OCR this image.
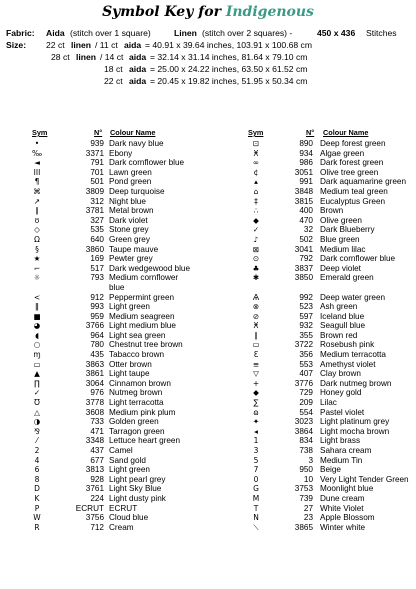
Symbol Key for Indigenous
Fabric: Aida (stitch over 1 square)	Linen (stitch over 2 squares) -	450 x 436 Stitches
Size: 22 ct linen / 11 ct aida = 40.91 x 39.64 inches, 103.91 x 100.68 cm
28 ct linen / 14 ct aida = 32.14 x 31.14 inches, 81.64 x 79.10 cm
18 ct aida = 25.00 x 24.22 inches, 63.50 x 61.52 cm
22 ct aida = 20.45 x 19.82 inches, 51.95 x 50.34 cm
Sym	N° Colour Name	Sym	N° Colour Name
•	939 Dark navy blue
‰	3371 Ebony
◄	791 Dark cornflower blue
III	701 Lawn green
¶	501 Pond green
⌘	3809 Deep turquoise
↗	312 Night blue
∥	3781 Metal brown
ʊ	327 Dark violet
◇	535 Stone grey
Ω	640 Green grey
§	3860 Taupe mauve
★	169 Pewter grey
⌐	517 Dark wedgewood blue
☼	793 Medium cornflower
blue
<	912 Peppermint green
ǁ	993 Light green
■	959 Medium seagreen
◕	3766 Light medium blue
◖	964 Light sea green
○	780 Chestnut tree brown
ɱ	435 Tabacco brown
▭	3863 Otter brown
▲	3861 Light taupe
∏	3064 Cinnamon brown
✓	976 Nutmeg brown
Ʊ	3778 Light terracotta
△	3608 Medium pink plum
◑	733 Golden green
⅋	471 Tarragon green
⁄	3348 Lettuce heart green
2	437 Camel
4	677 Sand gold
6	3813 Light green
8	928 Light pearl grey
D	3761 Light Sky Blue
K	224 Light dusty pink
P	ECRUT ECRUT
W	3756 Cloud blue
R	712 Cream
⊡	890 Deep forest green
Ӿ	934 Algae green
∞	986 Dark forest green
¢	3051 Olive tree green
▴	991 Dark aquamarine green
⌂	3848 Medium teal green
‡	3815 Eucalyptus Green
∴	400 Brown
◆	470 Olive green
✓	32 Dark Blueberry
♪	502 Blue green
⊠	3041 Medium lilac
⊙	792 Dark cornflower blue
♣	3837 Deep violet
✱	3850 Emerald green
Ѧ	992 Deep water green
⊗	523 Ash green
⊘	597 Iceland blue
Ӿ	932 Seagull blue
∥	355 Brown red
▭	3722 Rosebush pink
Ɛ	356 Medium terracotta
≡	553 Amethyst violet
▽	407 Clay brown
+	3776 Dark nutmeg brown
◆	729 Honey gold
∑	209 Lilac
ɷ	554 Pastel violet
✦	3023 Light platinum grey
◂	3864 Light mocha brown
1	834 Light brass
3	738 Sahara cream
5	3 Medium Tin
7	950 Beige
0	10 Very Light Tender Green
G	3753 Moonlight blue
M	739 Dune cream
T	27 White Violet
N	23 Apple Blossom
⟍	3865 Winter white
